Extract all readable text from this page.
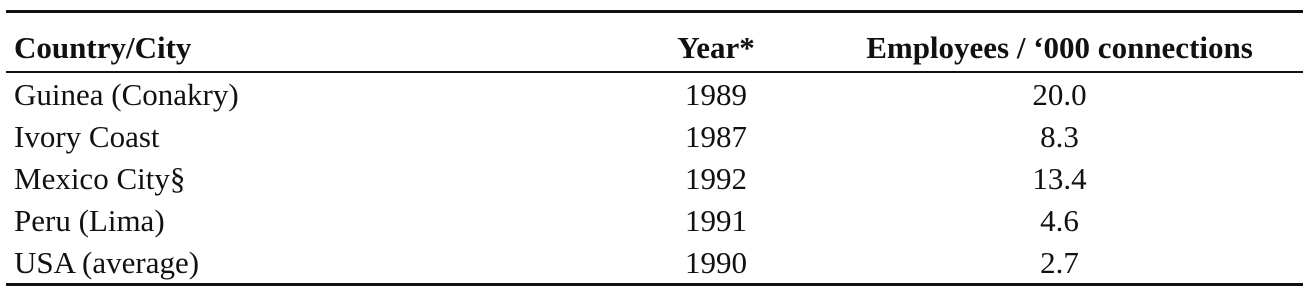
Country/City	Year*	Employees / ‘000 connections
Guinea (Conakry)	1989	20.0
Ivory Coast	1987	8.3
Mexico City§	1992	13.4
Peru (Lima)	1991	4.6
USA (average)	1990	2.7
